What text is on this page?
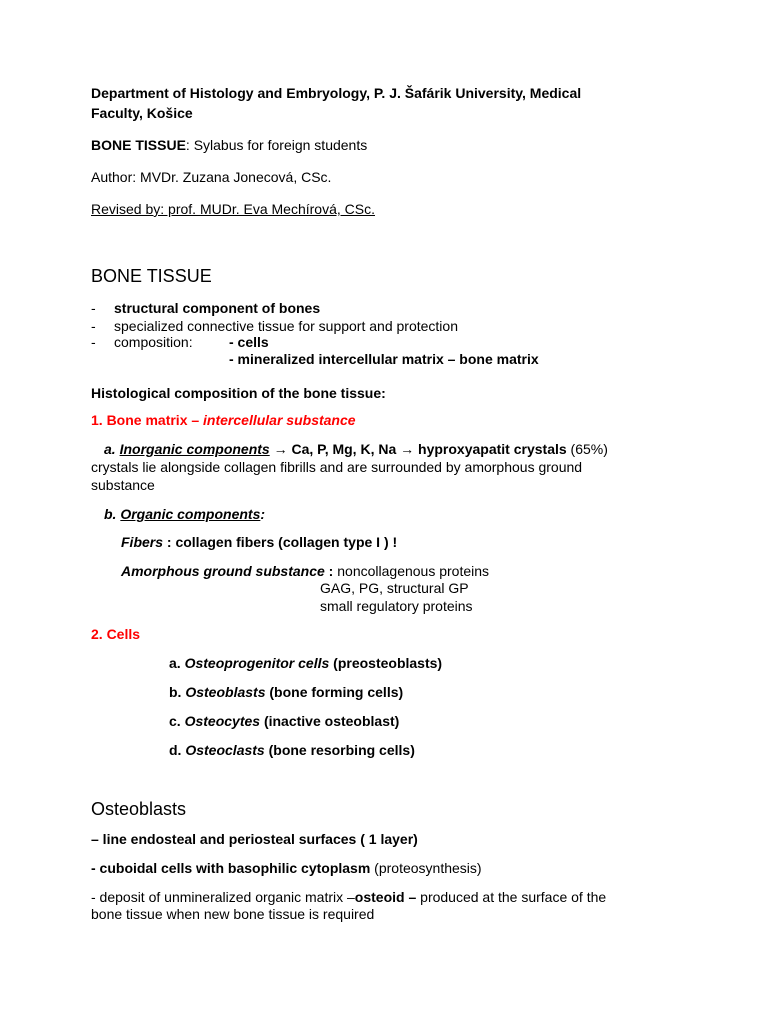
Department of Histology and Embryology, P. J. Šafárik University, Medical
Faculty, Košice
BONE TISSUE: Sylabus for foreign students
Author: MVDr. Zuzana Jonecová, CSc.
Revised by: prof. MUDr. Eva Mechírová, CSc.
BONE TISSUE
- structural component of bones
- specialized connective tissue for support and protection
- composition:	- cells
- mineralized intercellular matrix – bone matrix
Histological composition of the bone tissue:
1. Bone matrix – intercellular substance
a. Inorganic components → Ca, P, Mg, K, Na → hyproxyapatit crystals (65%)
crystals lie alongside collagen fibrills and are surrounded by amorphous ground
substance
b. Organic components:
Fibers : collagen fibers (collagen type I ) !
Amorphous ground substance : noncollagenous proteins
GAG, PG, structural GP
small regulatory proteins
2. Cells
a. Osteoprogenitor cells (preosteoblasts)
b. Osteoblasts (bone forming cells)
c. Osteocytes (inactive osteoblast)
d. Osteoclasts (bone resorbing cells)
Osteoblasts
– line endosteal and periosteal surfaces ( 1 layer)
- cuboidal cells with basophilic cytoplasm (proteosynthesis)
- deposit of unmineralized organic matrix –osteoid – produced at the surface of the
bone tissue when new bone tissue is required
